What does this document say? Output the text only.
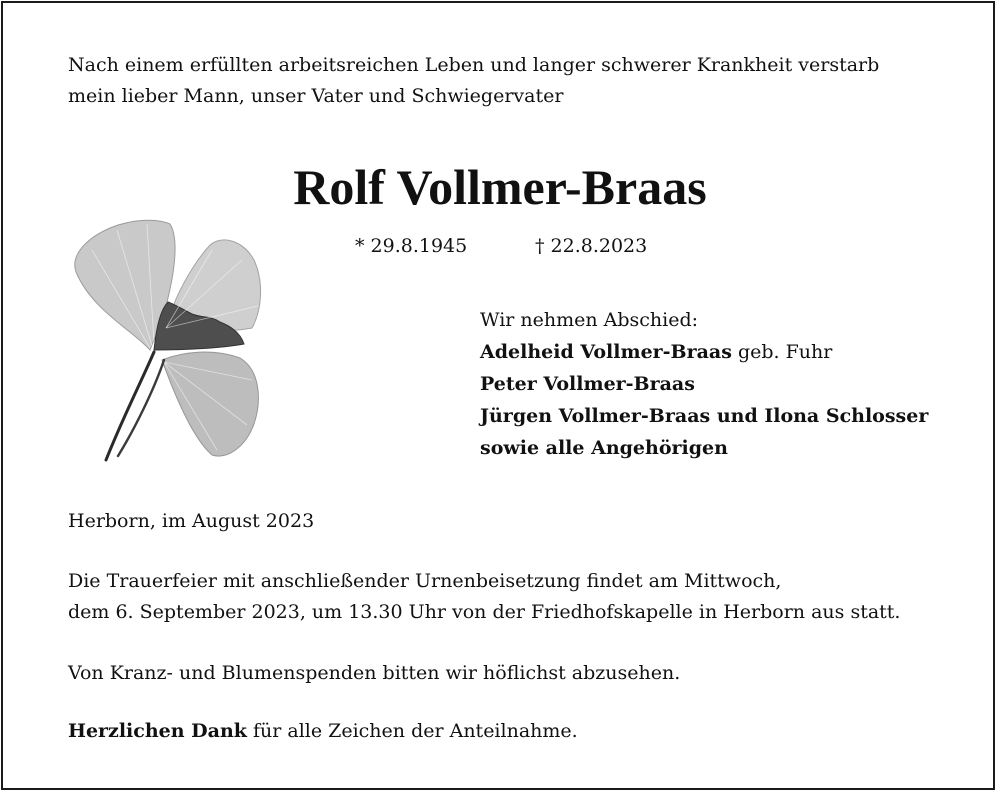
Nach einem erfüllten arbeitsreichen Leben und langer schwerer Krankheit verstarb
mein lieber Mann, unser Vater und Schwiegervater

Rolf Vollmer-Braas
* 29.8.1945	† 22.8.2023
Wir nehmen Abschied:
Adelheid Vollmer-Braas geb. Fuhr
Peter Vollmer-Braas
Jürgen Vollmer-Braas und Ilona Schlosser
sowie alle Angehörigen

Herborn, im August 2023

Die Trauerfeier mit anschließender Urnenbeisetzung findet am Mittwoch,
dem 6. September 2023, um 13.30 Uhr von der Friedhofskapelle in Herborn aus statt.

Von Kranz- und Blumenspenden bitten wir höflichst abzusehen.

Herzlichen Dank für alle Zeichen der Anteilnahme.
